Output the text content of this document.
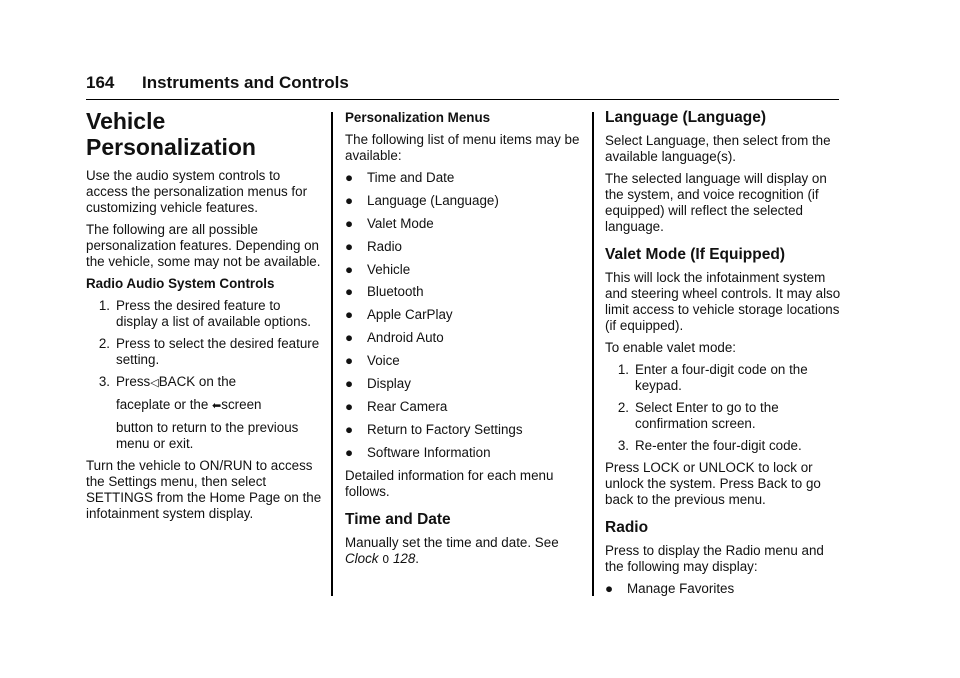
164 Instruments and Controls
Vehicle Personalization

Use the audio system controls to access the personalization menus for customizing vehicle features.

The following are all possible personalization features. Depending on the vehicle, some may not be available.

Radio Audio System Controls

1. Press the desired feature to display a list of available options.
2. Press to select the desired feature setting.
3. Press◁BACK on the
faceplate or the ⬅screen
button to return to the previous menu or exit.

Turn the vehicle to ON/RUN to access the Settings menu, then select SETTINGS from the Home Page on the infotainment system display.

Personalization Menus

The following list of menu items may be available:

●	Time and Date
●	Language (Language)
●	Valet Mode
●	Radio
●	Vehicle
●	Bluetooth
●	Apple CarPlay
●	Android Auto
●	Voice
●	Display
●	Rear Camera
●	Return to Factory Settings
●	Software Information

Detailed information for each menu follows.

Time and Date

Manually set the time and date. See
Clock 0 128.

Language (Language)

Select Language, then select from the available language(s).

The selected language will display on the system, and voice recognition (if equipped) will reflect the selected language.

Valet Mode (If Equipped)

This will lock the infotainment system and steering wheel controls. It may also limit access to vehicle storage locations (if equipped).

To enable valet mode:

1. Enter a four-digit code on the keypad.
2. Select Enter to go to the confirmation screen.
3. Re-enter the four-digit code.

Press LOCK or UNLOCK to lock or unlock the system. Press Back to go back to the previous menu.

Radio

Press to display the Radio menu and the following may display:

●	Manage Favorites
